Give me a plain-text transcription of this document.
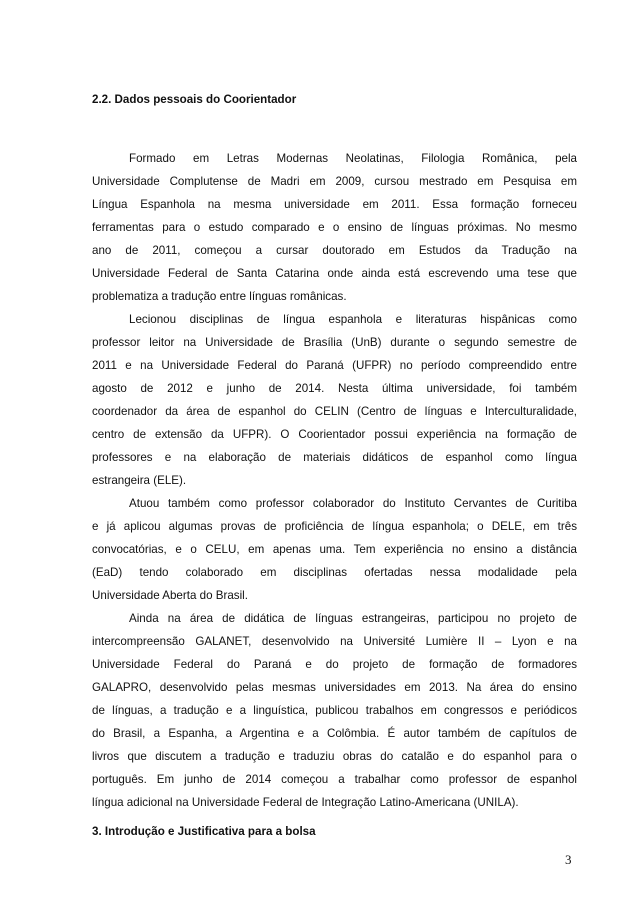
2.2. Dados pessoais do Coorientador
Formado em Letras Modernas Neolatinas, Filologia Românica, pela
Universidade Complutense de Madri em 2009, cursou mestrado em Pesquisa em
Língua Espanhola na mesma universidade em 2011. Essa formação forneceu
ferramentas para o estudo comparado e o ensino de línguas próximas. No mesmo
ano de 2011, começou a cursar doutorado em Estudos da Tradução na
Universidade Federal de Santa Catarina onde ainda está escrevendo uma tese que
problematiza a tradução entre línguas românicas.
Lecionou disciplinas de língua espanhola e literaturas hispânicas como
professor leitor na Universidade de Brasília (UnB) durante o segundo semestre de
2011 e na Universidade Federal do Paraná (UFPR) no período compreendido entre
agosto de 2012 e junho de 2014. Nesta última universidade, foi também
coordenador da área de espanhol do CELIN (Centro de línguas e Interculturalidade,
centro de extensão da UFPR). O Coorientador possui experiência na formação de
professores e na elaboração de materiais didáticos de espanhol como língua
estrangeira (ELE).
Atuou também como professor colaborador do Instituto Cervantes de Curitiba
e já aplicou algumas provas de proficiência de língua espanhola; o DELE, em três
convocatórias, e o CELU, em apenas uma. Tem experiência no ensino a distância
(EaD) tendo colaborado em disciplinas ofertadas nessa modalidade pela
Universidade Aberta do Brasil.
Ainda na área de didática de línguas estrangeiras, participou no projeto de
intercompreensão GALANET, desenvolvido na Université Lumière II – Lyon e na
Universidade Federal do Paraná e do projeto de formação de formadores
GALAPRO, desenvolvido pelas mesmas universidades em 2013. Na área do ensino
de línguas, a tradução e a linguística, publicou trabalhos em congressos e periódicos
do Brasil, a Espanha, a Argentina e a Colômbia. É autor também de capítulos de
livros que discutem a tradução e traduziu obras do catalão e do espanhol para o
português. Em junho de 2014 começou a trabalhar como professor de espanhol
língua adicional na Universidade Federal de Integração Latino-Americana (UNILA).
3. Introdução e Justificativa para a bolsa
3
